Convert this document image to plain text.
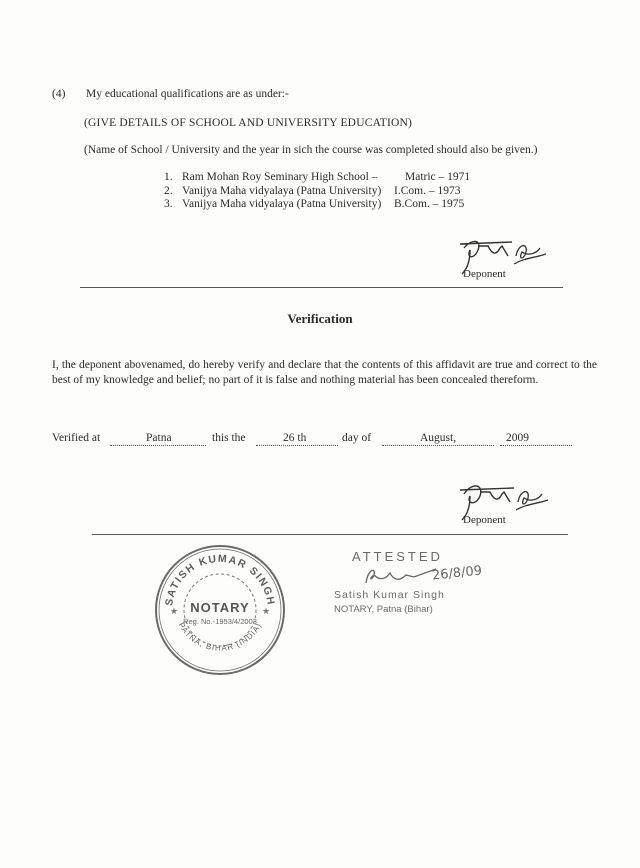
(4) My educational qualifications are as under:-
(GIVE DETAILS OF SCHOOL AND UNIVERSITY EDUCATION)
(Name of School / University and the year in sich the course was completed should also be given.)
1. Ram Mohan Roy Seminary High School – Matric – 1971
2. Vanijya Maha vidyalaya (Patna University) I.Com. – 1973
3. Vanijya Maha vidyalaya (Patna University) B.Com. – 1975
Deponent
Verification
I, the deponent abovenamed, do hereby verify and declare that the contents of this affidavit are true and correct to the best of my knowledge and belief; no part of it is false and nothing material has been concealed thereform.
Verified at	Patna	this the	26 th	day of	August,	2009
Deponent
SATISH KUMAR SINGH
PATNA, BIHAR (INDIA)
NOTARY
Reg. No.-1953/4/2003
★	★
ATTESTED
26/8/09
Satish Kumar Singh
NOTARY, Patna (Bihar)
